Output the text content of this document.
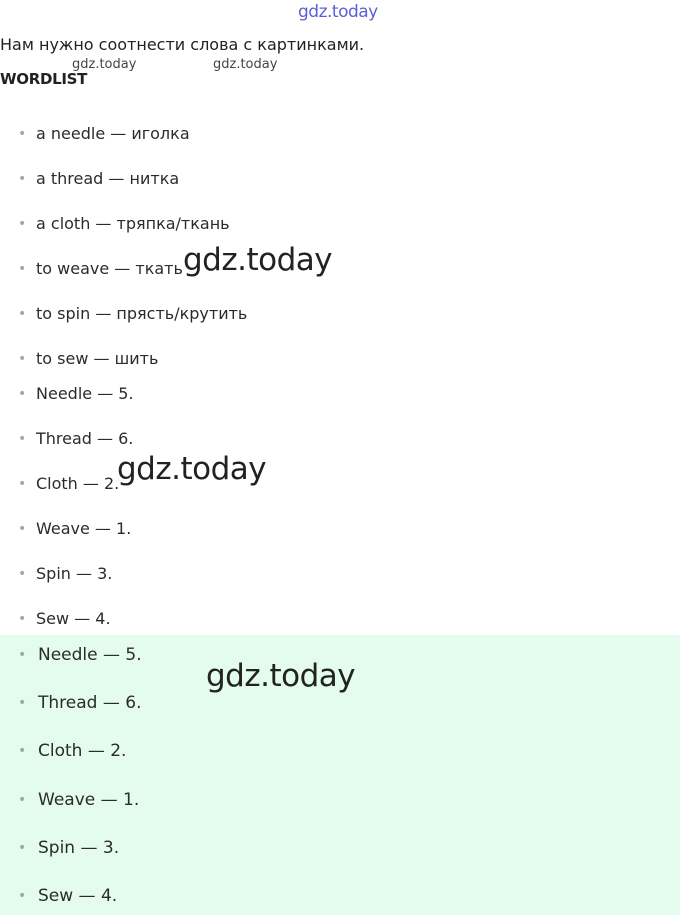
gdz.today
Нам нужно соотнести слова с картинками.
gdz.today	gdz.today
WORDLIST
• a needle — иголка
• a thread — нитка
• a cloth — тряпка/ткань
• to weave — ткать
• to spin — прясть/крутить
• to sew — шить
• Needle — 5.
• Thread — 6.
• Cloth — 2.
• Weave — 1.
• Spin — 3.
• Sew — 4.
• Needle — 5.
• Thread — 6.
• Cloth — 2.
• Weave — 1.
• Spin — 3.
• Sew — 4.
gdz.today
gdz.today
gdz.today
